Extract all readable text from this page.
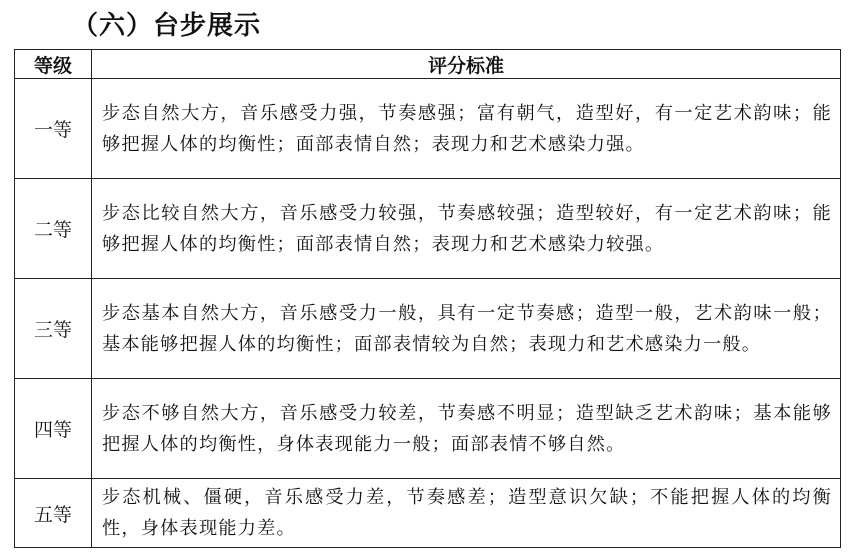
（六）台步展示
等级	评分标准
一等	步态自然大方，音乐感受力强，节奏感强；富有朝气，造型好，有一定艺术韵味；能够把握人体的均衡性；面部表情自然；表现力和艺术感染力强。
二等	步态比较自然大方，音乐感受力较强，节奏感较强；造型较好，有一定艺术韵味；能够把握人体的均衡性；面部表情自然；表现力和艺术感染力较强。
三等	步态基本自然大方，音乐感受力一般，具有一定节奏感；造型一般，艺术韵味一般；基本能够把握人体的均衡性；面部表情较为自然；表现力和艺术感染力一般。
四等	步态不够自然大方，音乐感受力较差，节奏感不明显；造型缺乏艺术韵味；基本能够把握人体的均衡性，身体表现能力一般；面部表情不够自然。
五等	步态机械、僵硬，音乐感受力差，节奏感差；造型意识欠缺；不能把握人体的均衡性，身体表现能力差。
